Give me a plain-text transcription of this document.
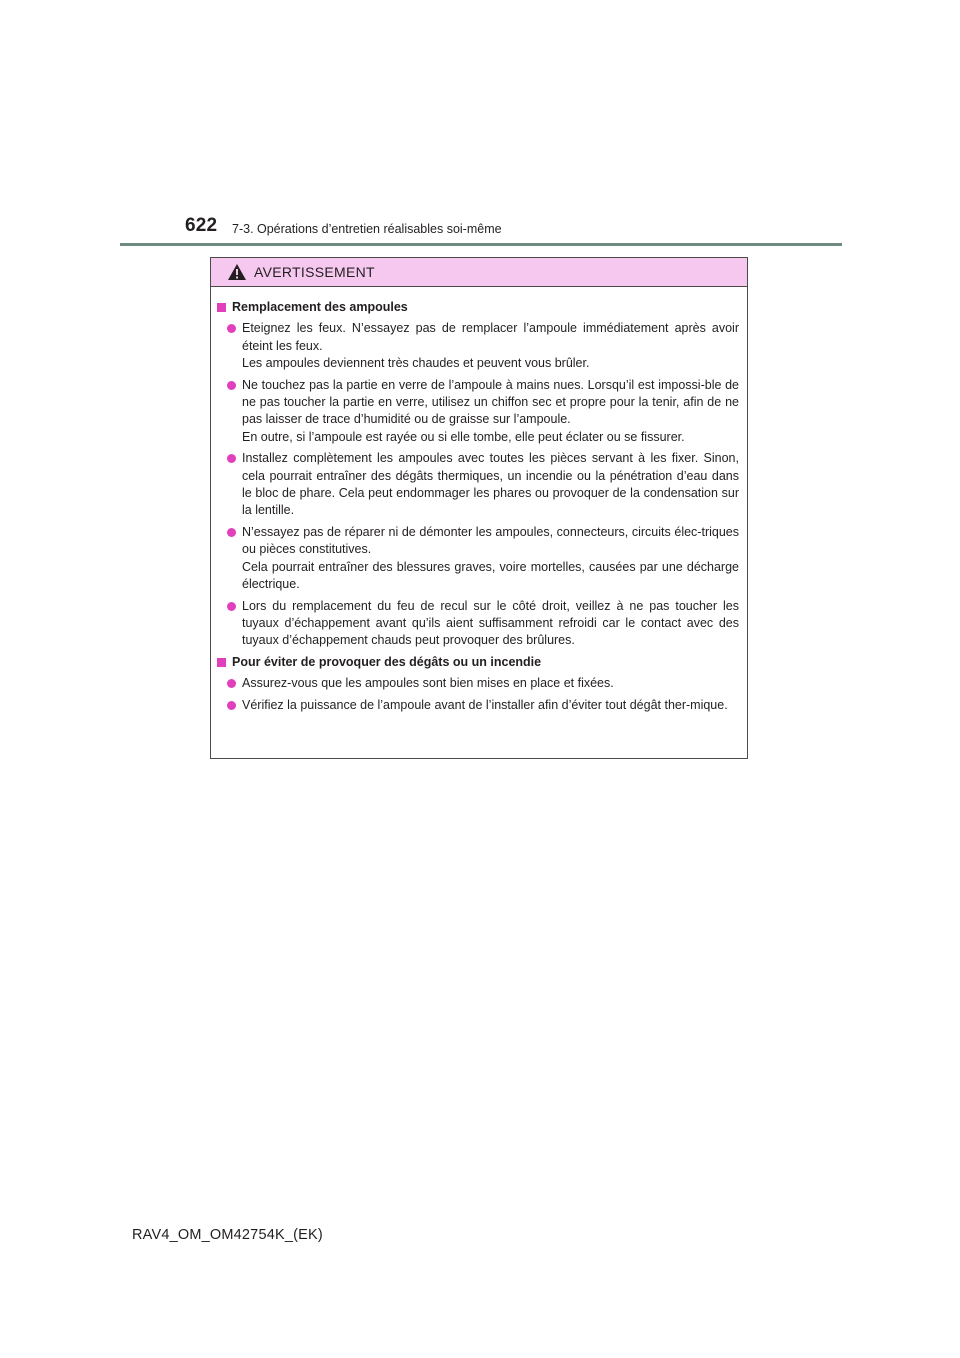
622 7-3. Opérations d’entretien réalisables soi-même
AVERTISSEMENT
Remplacement des ampoules

Eteignez les feux. N’essayez pas de remplacer l’ampoule immédiatement après avoir éteint les feux.

Les ampoules deviennent très chaudes et peuvent vous brûler.

Ne touchez pas la partie en verre de l’ampoule à mains nues. Lorsqu’il est impossi-ble de ne pas toucher la partie en verre, utilisez un chiffon sec et propre pour la tenir, afin de ne pas laisser de trace d’humidité ou de graisse sur l’ampoule.

En outre, si l’ampoule est rayée ou si elle tombe, elle peut éclater ou se fissurer.

Installez complètement les ampoules avec toutes les pièces servant à les fixer. Sinon, cela pourrait entraîner des dégâts thermiques, un incendie ou la pénétration d’eau dans le bloc de phare. Cela peut endommager les phares ou provoquer de la condensation sur la lentille.

N’essayez pas de réparer ni de démonter les ampoules, connecteurs, circuits élec-triques ou pièces constitutives.

Cela pourrait entraîner des blessures graves, voire mortelles, causées par une décharge électrique.

Lors du remplacement du feu de recul sur le côté droit, veillez à ne pas toucher les tuyaux d’échappement avant qu’ils aient suffisamment refroidi car le contact avec des tuyaux d’échappement chauds peut provoquer des brûlures.

Pour éviter de provoquer des dégâts ou un incendie

Assurez-vous que les ampoules sont bien mises en place et fixées.

Vérifiez la puissance de l’ampoule avant de l’installer afin d’éviter tout dégât ther-mique.

RAV4_OM_OM42754K_(EK)
